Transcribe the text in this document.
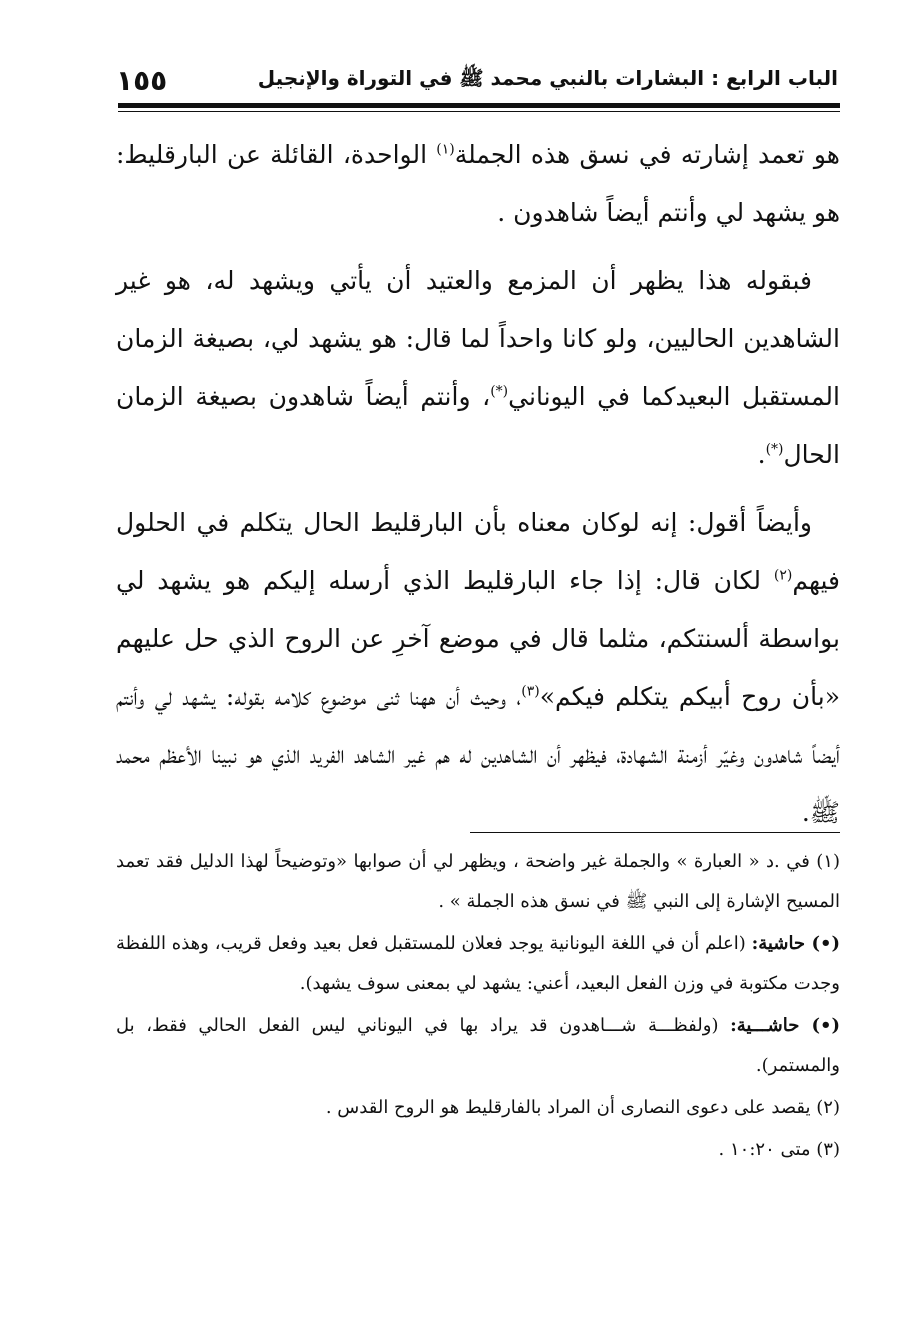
الباب الرابع : البشارات بالنبي محمد ﷺ في التوراة والإنجيل
١٥٥

هو تعمد إشارته في نسق هذه الجملة$^{(١)}$ الواحدة، القائلة عن البارقليط: هو يشهد لي وأنتم أيضاً شاهدون .

فبقوله هذا يظهر أن المزمع والعتيد أن يأتي ويشهد له، هو غير الشاهدين الحاليين، ولو كانا واحداً لما قال: هو يشهد لي، بصيغة الزمان المستقبل البعيدكما في اليوناني(*)، وأنتم أيضاً شاهدون بصيغة الزمان الحال(*).

وأيضاً أقول: إنه لوكان معناه بأن البارقليط الحال يتكلم في الحلول فيهم$^{(٢)}$ لكان قال: إذا جاء البارقليط الذي أرسله إليكم هو يشهد لي بواسطة ألسنتكم، مثلما قال في موضع آخرِ عن الروح الذي حل عليهم «بأن روح أبيكم يتكلم فيكم»$^{(٣)}$، وحيث أن ههنا ثنى موضوع كلامه بقوله: يشهد لي وأنتم أيضاً شاهدون وغيّر أزمنة الشهادة، فيظهر أن الشاهدين له هم غير الشاهد الفريد الذي هو نبينا الأعظم محمد ﷺ.

(١) في .د « العبارة » والجملة غير واضحة ، ويظهر لي أن صوابها «وتوضيحاً لهذا الدليل فقد تعمد المسيح الإشارة إلى النبي ﷺ في نسق هذه الجملة » .

(•) حاشية: (اعلم أن في اللغة اليونانية يوجد فعلان للمستقبل فعل بعيد وفعل قريب، وهذه اللفظة وجدت مكتوبة في وزن الفعل البعيد، أعني: يشهد لي بمعنى سوف يشهد).

(•) حاشـــية: (ولفظـــة شـــاهدون قد يراد بها في اليوناني ليس الفعل الحالي فقط، بل والمستمر).

(٢) يقصد على دعوى النصارى أن المراد بالفارقليط هو الروح القدس .

(٣) متى ١٠:٢٠ .
